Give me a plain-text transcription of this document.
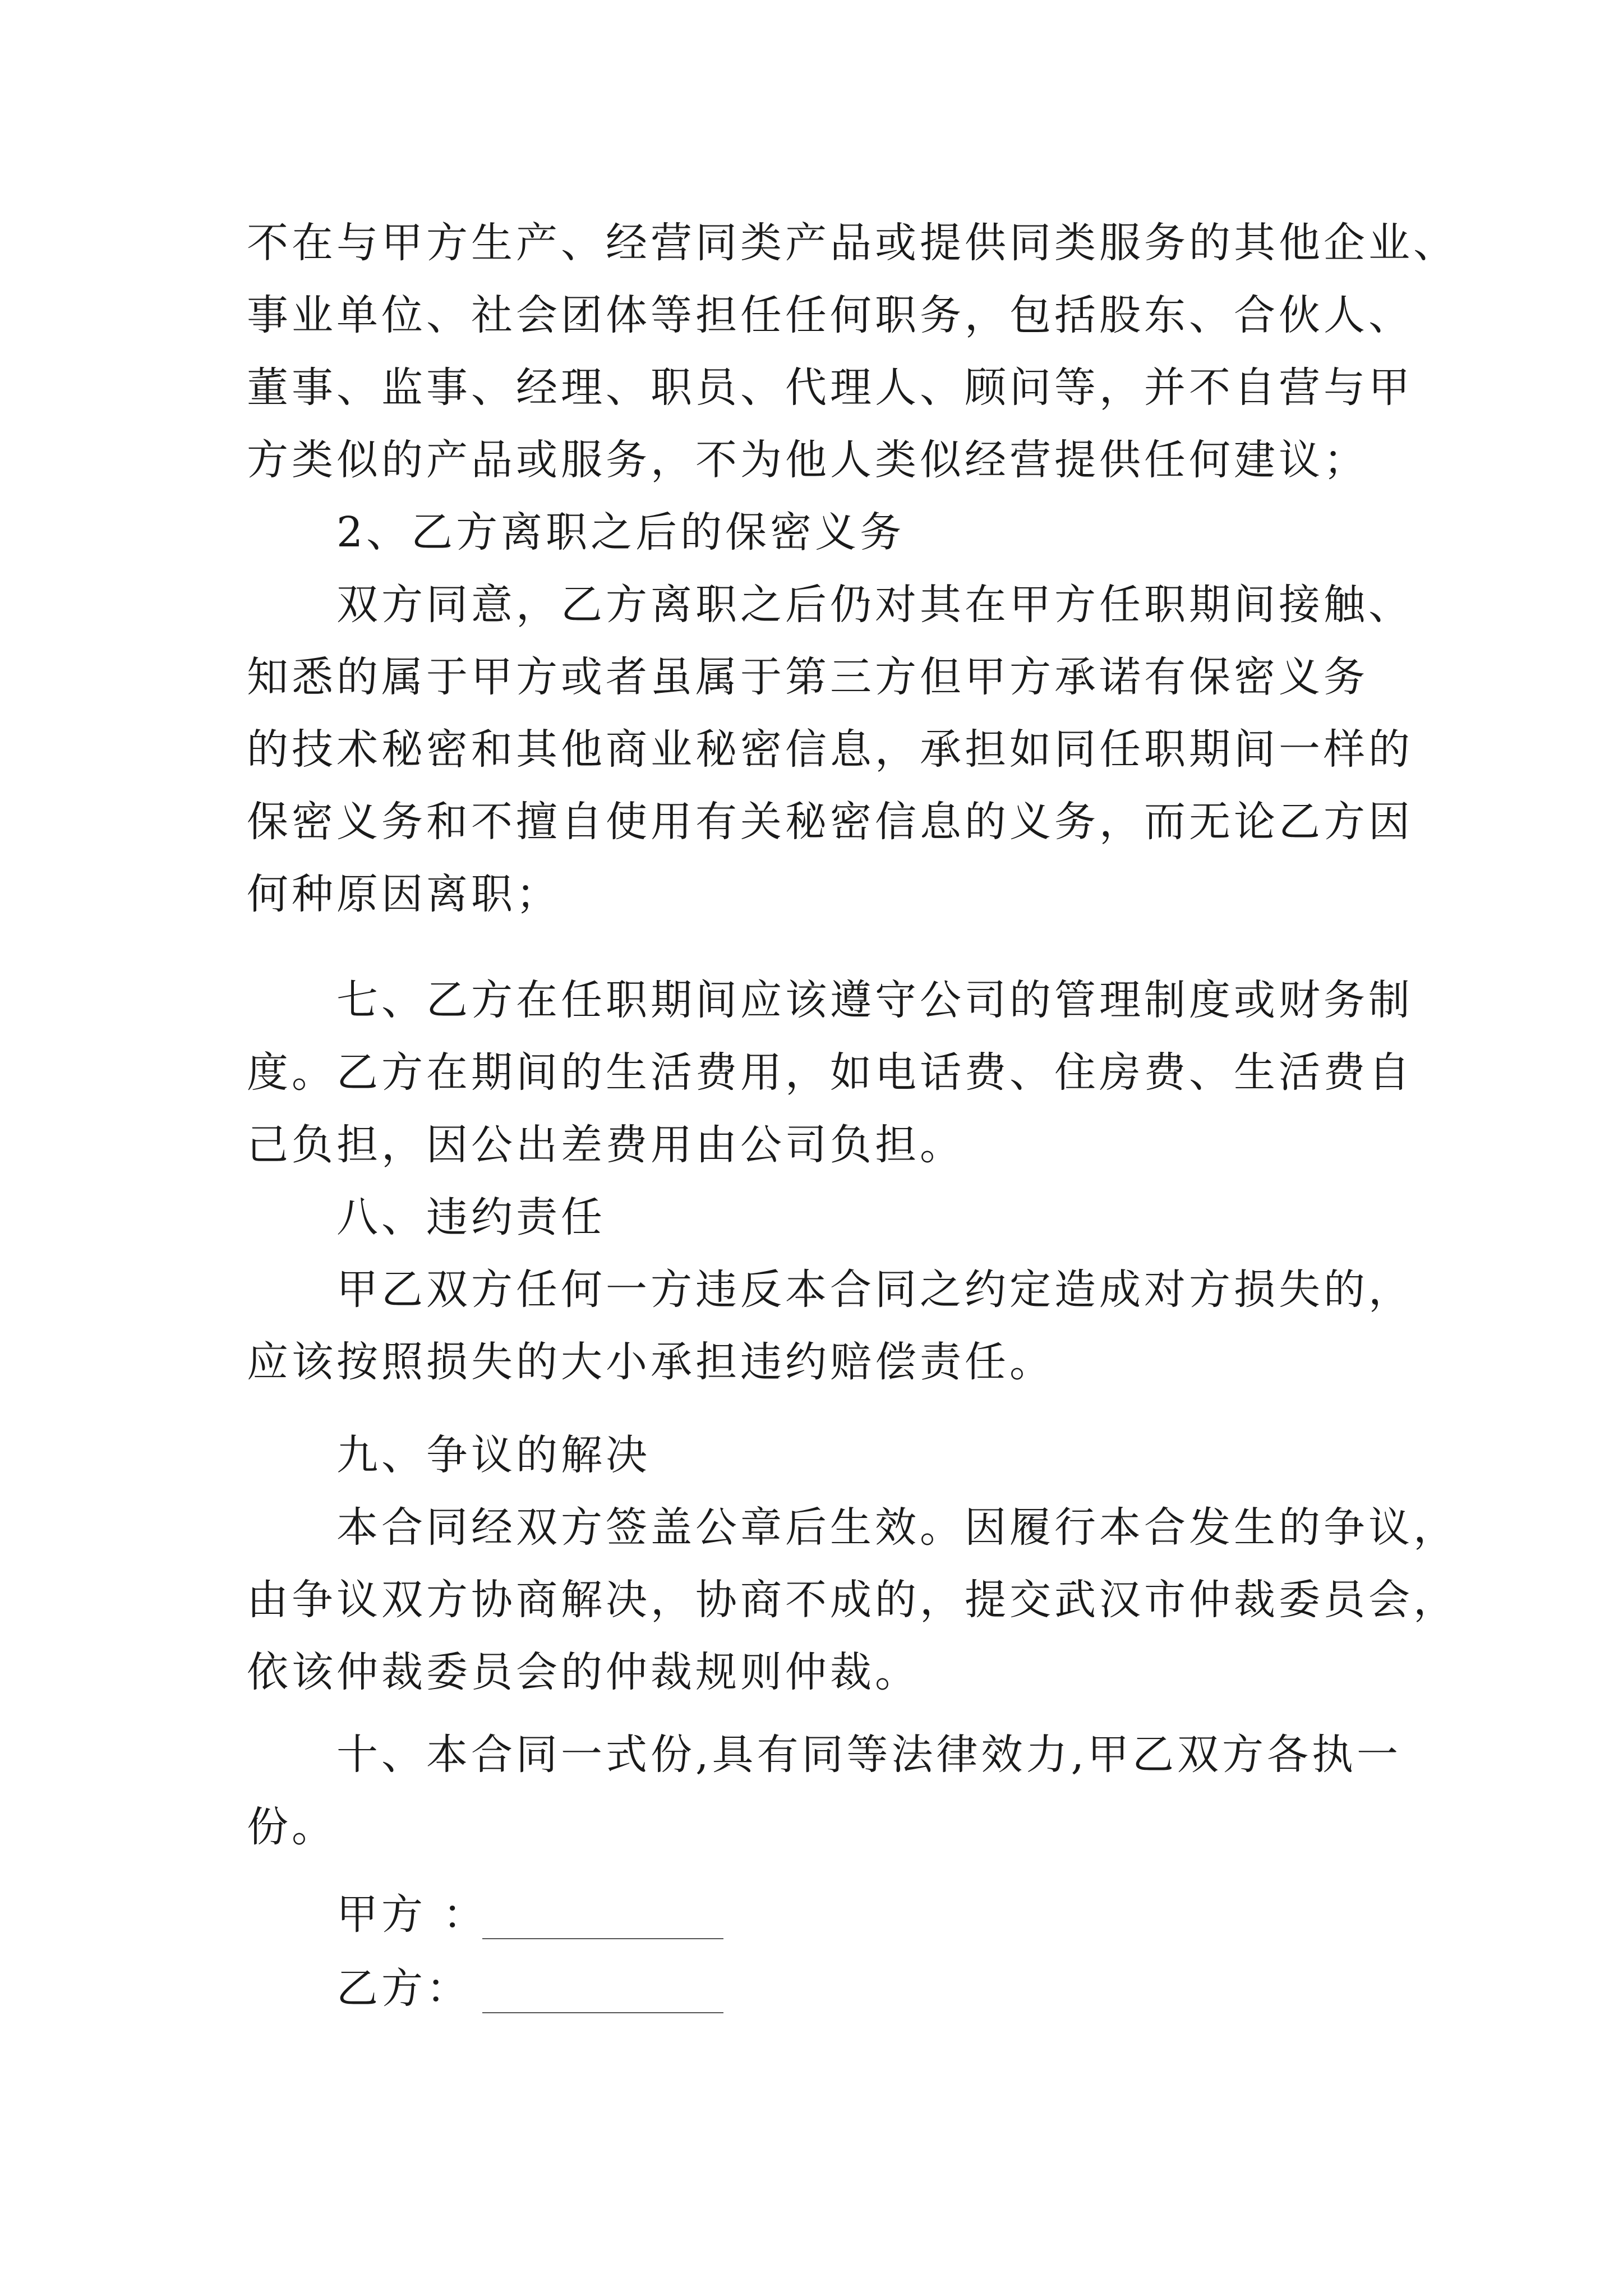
不在与甲方生产、经营同类产品或提供同类服务的其他企业、
事业单位、社会团体等担任任何职务，包括股东、合伙人、
董事、监事、经理、职员、代理人、顾问等，并不自营与甲
方类似的产品或服务，不为他人类似经营提供任何建议；
2、乙方离职之后的保密义务
双方同意，乙方离职之后仍对其在甲方任职期间接触、
知悉的属于甲方或者虽属于第三方但甲方承诺有保密义务
的技术秘密和其他商业秘密信息，承担如同任职期间一样的
保密义务和不擅自使用有关秘密信息的义务，而无论乙方因
何种原因离职；
七、乙方在任职期间应该遵守公司的管理制度或财务制
度。乙方在期间的生活费用，如电话费、住房费、生活费自
己负担，因公出差费用由公司负担。
八、违约责任
甲乙双方任何一方违反本合同之约定造成对方损失的，
应该按照损失的大小承担违约赔偿责任。
九、争议的解决
本合同经双方签盖公章后生效。因履行本合发生的争议，
由争议双方协商解决，协商不成的，提交武汉市仲裁委员会，
依该仲裁委员会的仲裁规则仲裁。
十、本合同一式份,具有同等法律效力,甲乙双方各执一
份。
甲方 ：
乙方：
